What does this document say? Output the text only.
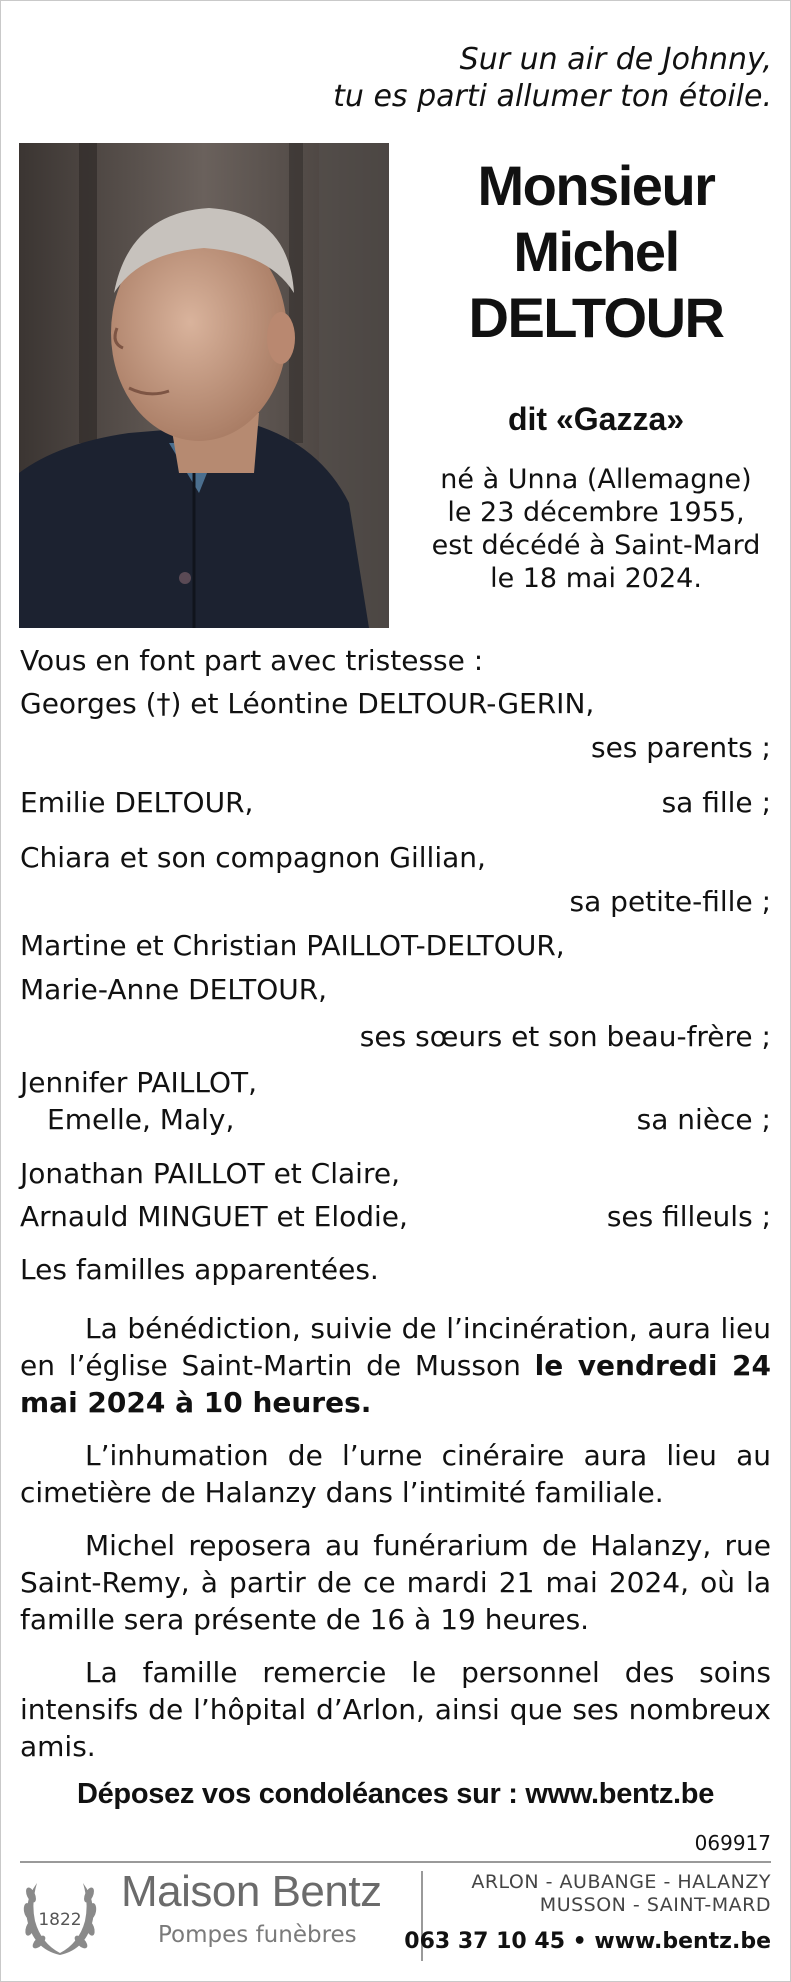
Sur un air de Johnny,
tu es parti allumer ton étoile.
Monsieur
Michel
DELTOUR
dit «Gazza»
né à Unna (Allemagne)
le 23 décembre 1955,
est décédé à Saint-Mard
le 18 mai 2024.
Vous en font part avec tristesse :
Georges (†) et Léontine DELTOUR-GERIN,
ses parents ;
Emilie DELTOUR,	sa fille ;
Chiara et son compagnon Gillian,
sa petite-fille ;
Martine et Christian PAILLOT-DELTOUR,
Marie-Anne DELTOUR,
ses sœurs et son beau-frère ;
Jennifer PAILLOT,
Emelle, Maly,	sa nièce ;
Jonathan PAILLOT et Claire,
Arnauld MINGUET et Elodie,	ses filleuls ;
Les familles apparentées.
La bénédiction, suivie de l’incinération, aura lieu en l’église Saint-Martin de Musson le vendredi 24 mai 2024 à 10 heures.
L’inhumation de l’urne cinéraire aura lieu au cimetière de Halanzy dans l’intimité familiale.
Michel reposera au funérarium de Halanzy, rue Saint-Remy, à partir de ce mardi 21 mai 2024, où la famille sera présente de 16 à 19 heures.
La famille remercie le personnel des soins intensifs de l’hôpital d’Arlon, ainsi que ses nombreux amis.
Déposez vos condoléances sur : www.bentz.be
069917
1822
Maison Bentz
Pompes funèbres
ARLON - AUBANGE - HALANZY
MUSSON - SAINT-MARD
063 37 10 45 • www.bentz.be
